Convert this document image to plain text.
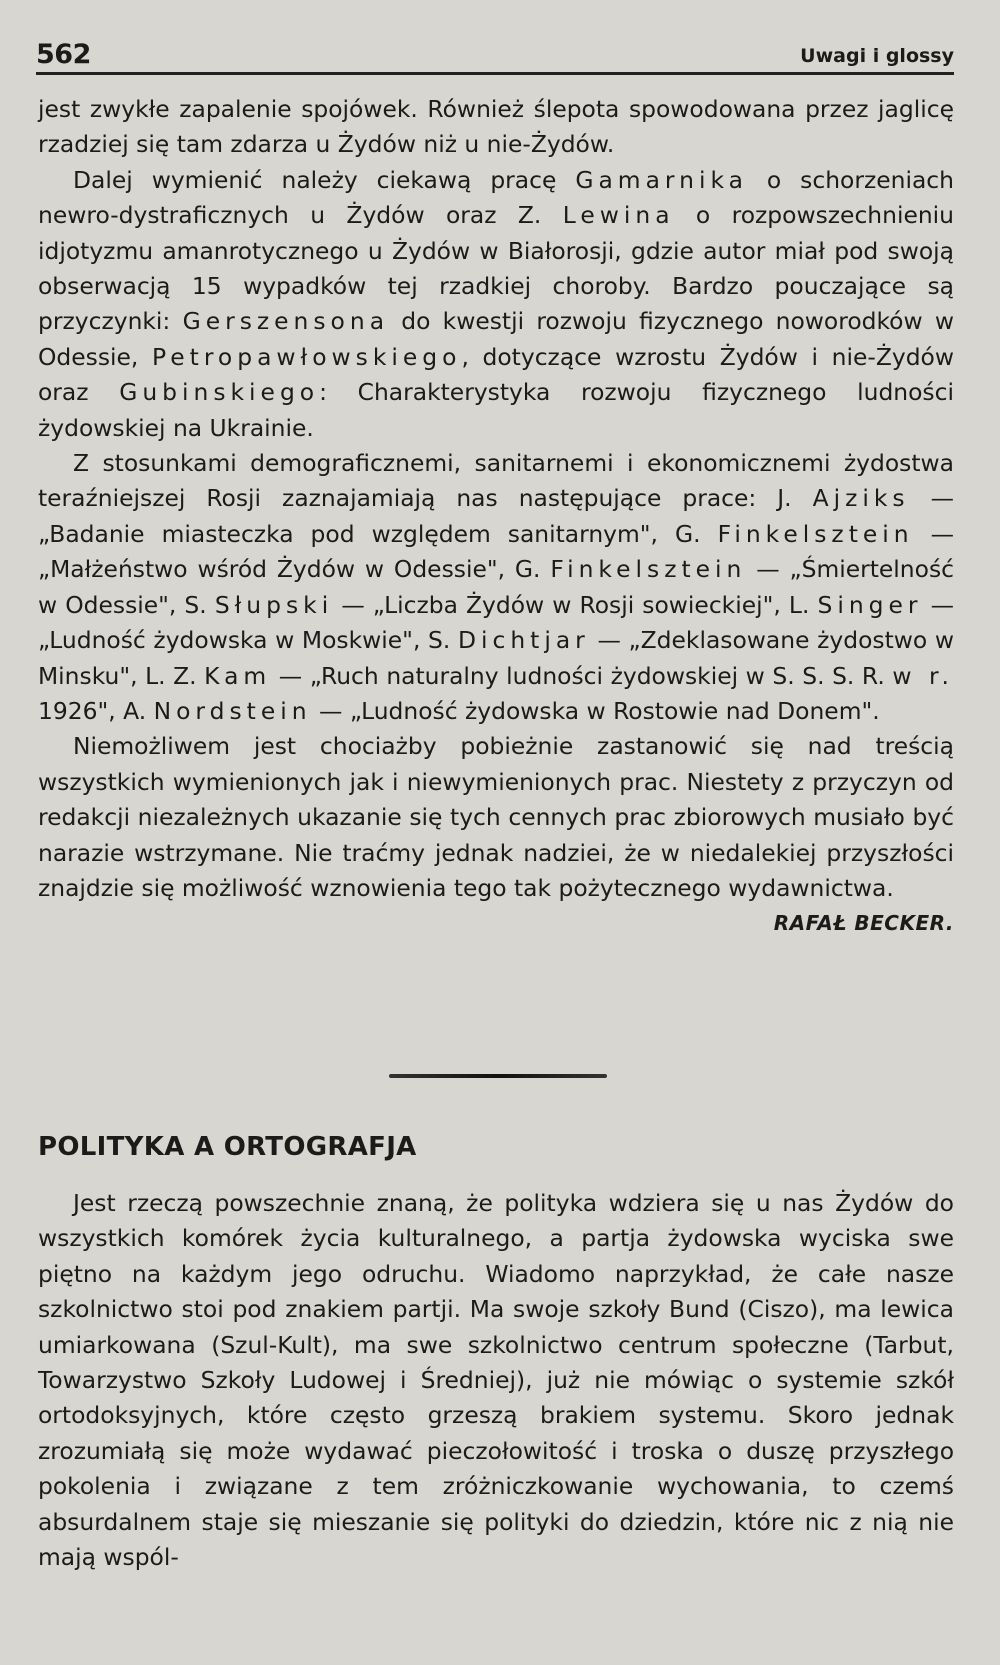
562	Uwagi i glossy

jest zwykłe zapalenie spojówek. Również ślepota spowodowana przez jaglicę rzadziej się tam zdarza u Żydów niż u nie-Żydów.

Dalej wymienić należy ciekawą pracę Gamarnika o schorzeniach newro-dystraficznych u Żydów oraz Z. Lewina o rozpowszechnieniu idjotyzmu amanrotycznego u Żydów w Białorosji, gdzie autor miał pod swoją obserwacją 15 wypadków tej rzadkiej choroby. Bardzo pouczające są przyczynki: Gerszensona do kwestji rozwoju fizycznego noworodków w Odessie, Petropawłowskiego, dotyczące wzrostu Żydów i nie-Żydów oraz Gubinskiego: Charakterystyka rozwoju fizycznego ludności żydowskiej na Ukrainie.

Z stosunkami demograficznemi, sanitarnemi i ekonomicznemi żydostwa teraźniejszej Rosji zaznajamiają nas następujące prace: J. Ajziks — „Badanie miasteczka pod względem sanitarnym", G. Finkelsztein — „Małżeństwo wśród Żydów w Odessie", G. Finkelsztein — „Śmiertelność w Odessie", S. Słupski — „Liczba Żydów w Rosji sowieckiej", L. Singer — „Ludność żydowska w Moskwie", S. Dichtjar — „Zdeklasowane żydostwo w Minsku", L. Z. Kam — „Ruch naturalny ludności żydowskiej w S. S. S. R. w r. 1926", A. Nordstein — „Ludność żydowska w Rostowie nad Donem".

Niemożliwem jest chociażby pobieżnie zastanowić się nad treścią wszystkich wymienionych jak i niewymienionych prac. Niestety z przyczyn od redakcji niezależnych ukazanie się tych cennych prac zbiorowych musiało być narazie wstrzymane. Nie traćmy jednak nadziei, że w niedalekiej przyszłości znajdzie się możliwość wznowienia tego tak pożytecznego wydawnictwa.
RAFAŁ BECKER.

POLITYKA A ORTOGRAFJA

Jest rzeczą powszechnie znaną, że polityka wdziera się u nas Żydów do wszystkich komórek życia kulturalnego, a partja żydowska wyciska swe piętno na każdym jego odruchu. Wiadomo naprzykład, że całe nasze szkolnictwo stoi pod znakiem partji. Ma swoje szkoły Bund (Ciszo), ma lewica umiarkowana (Szul-Kult), ma swe szkolnictwo centrum społeczne (Tarbut, Towarzystwo Szkoły Ludowej i Średniej), już nie mówiąc o systemie szkół ortodoksyjnych, które często grzeszą brakiem systemu. Skoro jednak zrozumiałą się może wydawać pieczołowitość i troska o duszę przyszłego pokolenia i związane z tem zróżniczkowanie wychowania, to czemś absurdalnem staje się mieszanie się polityki do dziedzin, które nic z nią nie mają wspól-
